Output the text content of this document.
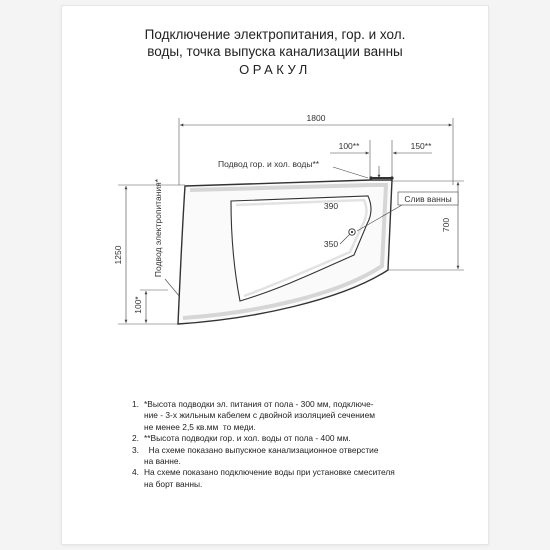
Подключение электропитания, гор. и хол.
воды, точка выпуска канализации ванны
ОРАКУЛ
1800
100**	150**
Подвод гор. и хол. воды**
Слив ванны
390
350
700
1250
100*
Подвод электропитания*
1. *Высота подводки эл. питания от пола - 300 мм, подключе-
ние - 3-х жильным кабелем с двойной изоляцией сечением
не менее 2,5 кв.мм  то меди.
2. **Высота подводки гор. и хол. воды от пола - 400 мм.
3.	На схеме показано выпускное канализационное отверстие
на ванне.
4. На схеме показано подключение воды при установке смесителя
на борт ванны.
